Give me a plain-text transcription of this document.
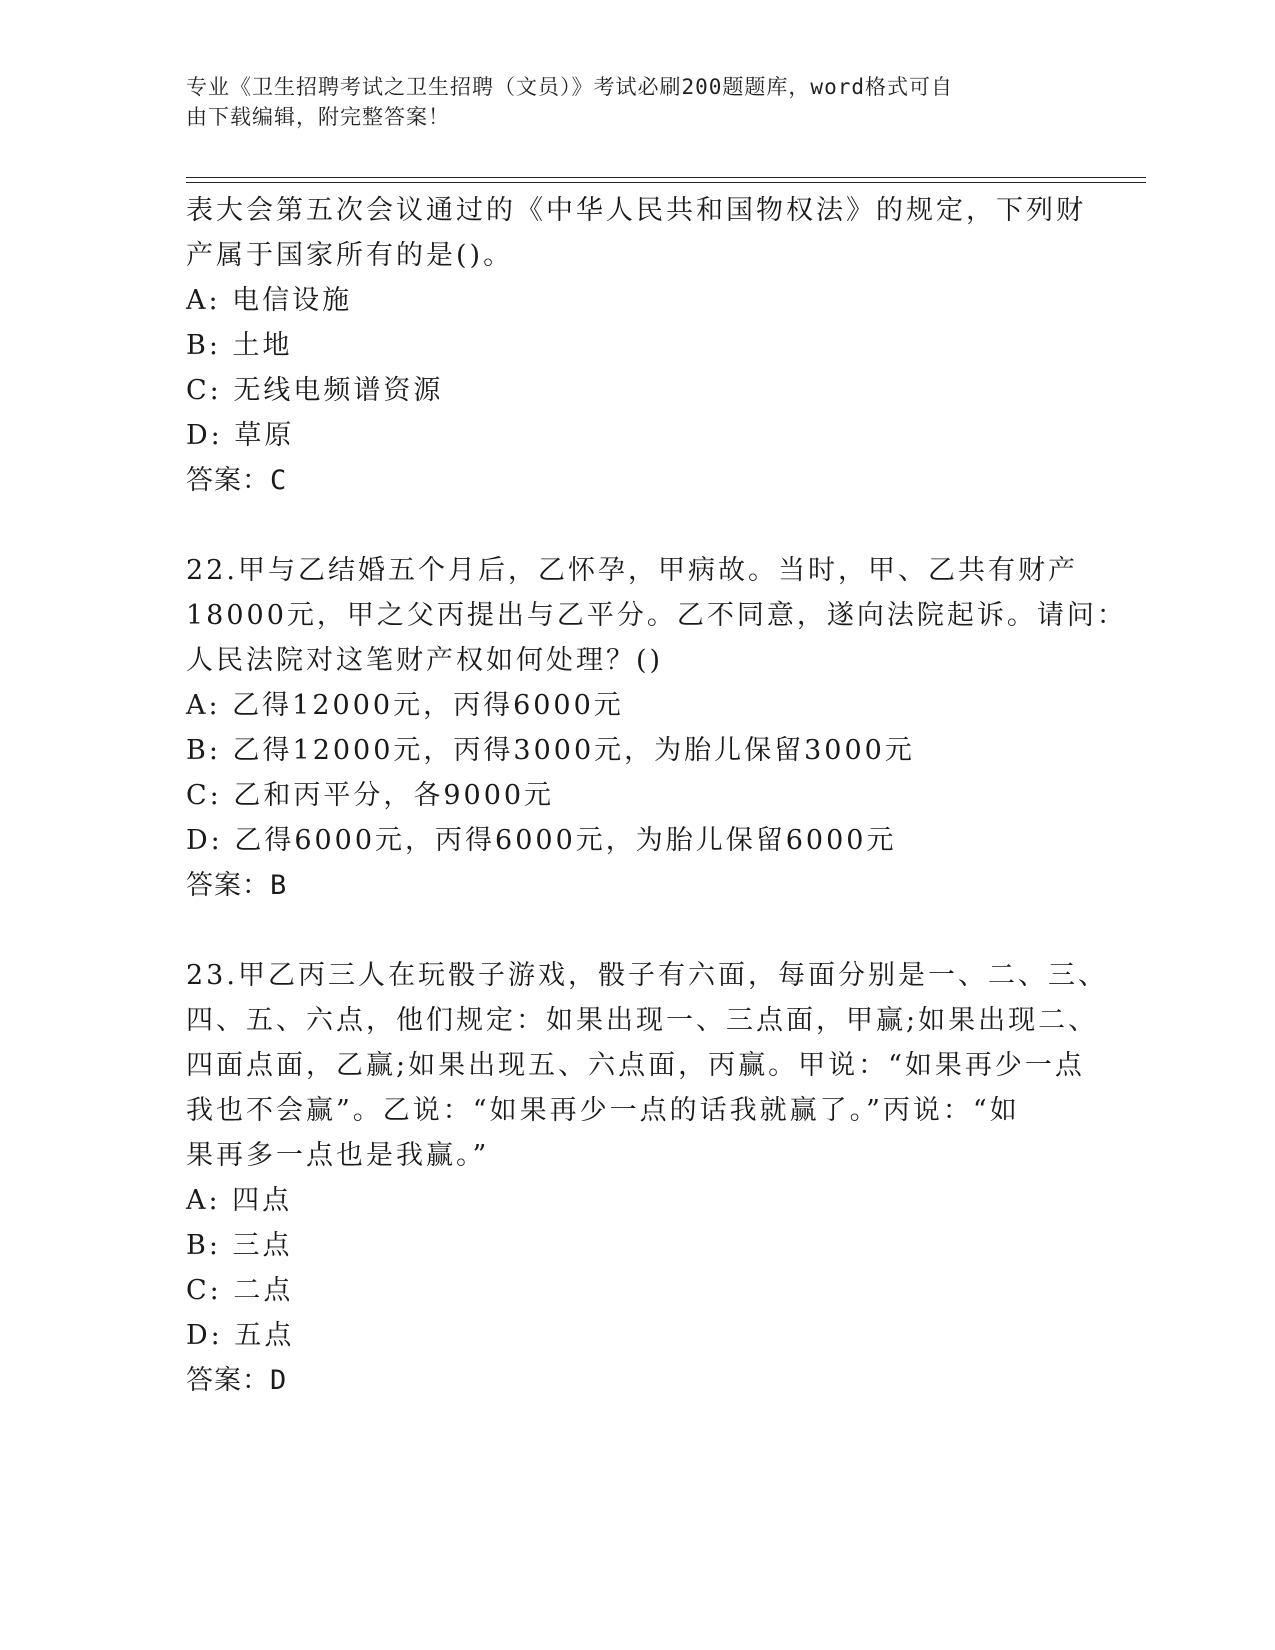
专业《卫生招聘考试之卫生招聘（文员）》考试必刷200题题库，word格式可自
由下载编辑，附完整答案！
表大会第五次会议通过的《中华人民共和国物权法》的规定，下列财
产属于国家所有的是()。
A: 电信设施
B: 土地
C: 无线电频谱资源
D: 草原
答案：C
22.甲与乙结婚五个月后，乙怀孕，甲病故。当时，甲、乙共有财产
18000元，甲之父丙提出与乙平分。乙不同意，遂向法院起诉。请问：
人民法院对这笔财产权如何处理？()
A: 乙得12000元，丙得6000元
B: 乙得12000元，丙得3000元，为胎儿保留3000元
C: 乙和丙平分，各9000元
D: 乙得6000元，丙得6000元，为胎儿保留6000元
答案：B
23.甲乙丙三人在玩骰子游戏，骰子有六面，每面分别是一、二、三、
四、五、六点，他们规定：如果出现一、三点面，甲赢;如果出现二、
四面点面，乙赢;如果出现五、六点面，丙赢。甲说：“如果再少一点
我也不会赢”。乙说：“如果再少一点的话我就赢了。”丙说：“如
果再多一点也是我赢。”
A: 四点
B: 三点
C: 二点
D: 五点
答案：D
